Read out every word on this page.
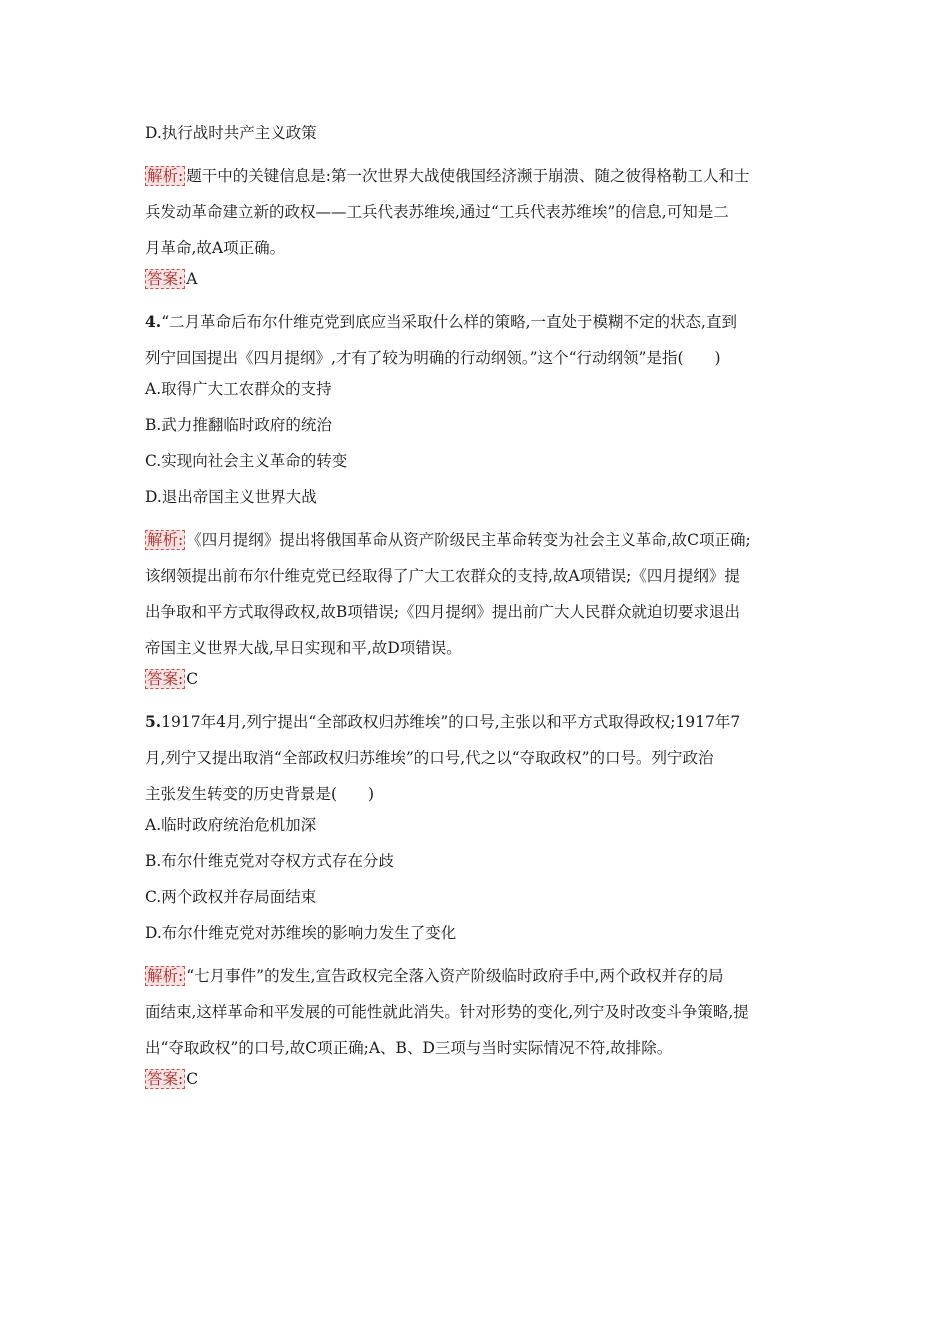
D.执行战时共产主义政策

解析: 题干中的关键信息是:第一次世界大战使俄国经济濒于崩溃、随之彼得格勒工人和士
兵发动革命建立新的政权——工兵代表苏维埃,通过“工兵代表苏维埃”的信息,可知是二
月革命,故A项正确。

答案: A

4.“二月革命后布尔什维克党到底应当采取什么样的策略,一直处于模糊不定的状态,直到
列宁回国提出《四月提纲》,才有了较为明确的行动纲领。”这个“行动纲领”是指(　　)

A.取得广大工农群众的支持

B.武力推翻临时政府的统治

C.实现向社会主义革命的转变

D.退出帝国主义世界大战

解析: 《四月提纲》提出将俄国革命从资产阶级民主革命转变为社会主义革命,故C项正确;
该纲领提出前布尔什维克党已经取得了广大工农群众的支持,故A项错误;《四月提纲》提
出争取和平方式取得政权,故B项错误;《四月提纲》提出前广大人民群众就迫切要求退出
帝国主义世界大战,早日实现和平,故D项错误。

答案: C

5.1917年4月,列宁提出“全部政权归苏维埃”的口号,主张以和平方式取得政权;1917年7
月,列宁又提出取消“全部政权归苏维埃”的口号,代之以“夺取政权”的口号。列宁政治
主张发生转变的历史背景是(　　)

A.临时政府统治危机加深

B.布尔什维克党对夺权方式存在分歧

C.两个政权并存局面结束

D.布尔什维克党对苏维埃的影响力发生了变化

解析: “七月事件”的发生,宣告政权完全落入资产阶级临时政府手中,两个政权并存的局
面结束,这样革命和平发展的可能性就此消失。针对形势的变化,列宁及时改变斗争策略,提
出“夺取政权”的口号,故C项正确;A、B、D三项与当时实际情况不符,故排除。

答案: C
